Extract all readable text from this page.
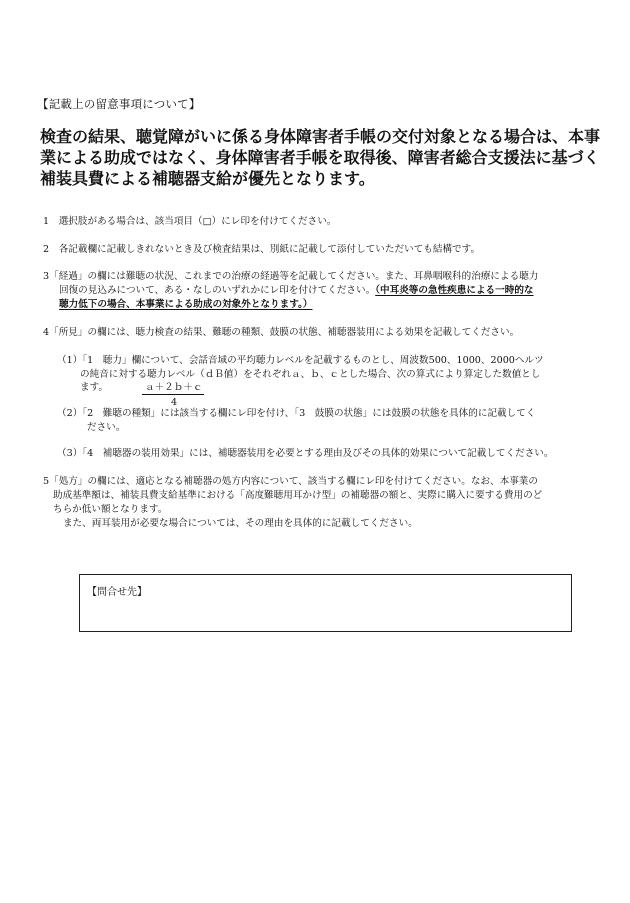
【記載上の留意事項について】
検査の結果、聴覚障がいに係る身体障害者手帳の交付対象となる場合は、本事
業による助成ではなく、身体障害者手帳を取得後、障害者総合支援法に基づく
補装具費による補聴器支給が優先となります。
1　選択肢がある場合は、該当項目（□）にレ印を付けてください。
2　各記載欄に記載しきれないとき及び検査結果は、別紙に記載して添付していただいても結構です。
3「経過」の欄には難聴の状況、これまでの治療の経過等を記載してください。また、耳鼻咽喉科的治療による聴力
回復の見込みについて、ある・なしのいずれかにレ印を付けてください。（中耳炎等の急性疾患による一時的な
聴力低下の場合、本事業による助成の対象外となります。）
4「所見」の欄には、聴力検査の結果、難聴の種類、鼓膜の状態、補聴器装用による効果を記載してください。
（1）「1　聴力」欄について、会話音域の平均聴力レベルを記載するものとし、周波数500、1000、2000ヘルツ
の純音に対する聴力レベル（ｄＢ値）をそれぞれａ、ｂ、ｃとした場合、次の算式により算定した数値とし
ます。	ａ＋２ｂ＋ｃ
4
（2）「2　難聴の種類」には該当する欄にレ印を付け、「3　鼓膜の状態」には鼓膜の状態を具体的に記載してく
ださい。
（3）「4　補聴器の装用効果」には、補聴器装用を必要とする理由及びその具体的効果について記載してください。
5「処方」の欄には、適応となる補聴器の処方内容について、該当する欄にレ印を付けてください。なお、本事業の
助成基準額は、補装具費支給基準における「高度難聴用耳かけ型」の補聴器の額と、実際に購入に要する費用のど
ちらか低い額となります。
また、両耳装用が必要な場合については、その理由を具体的に記載してください。
【問合せ先】
